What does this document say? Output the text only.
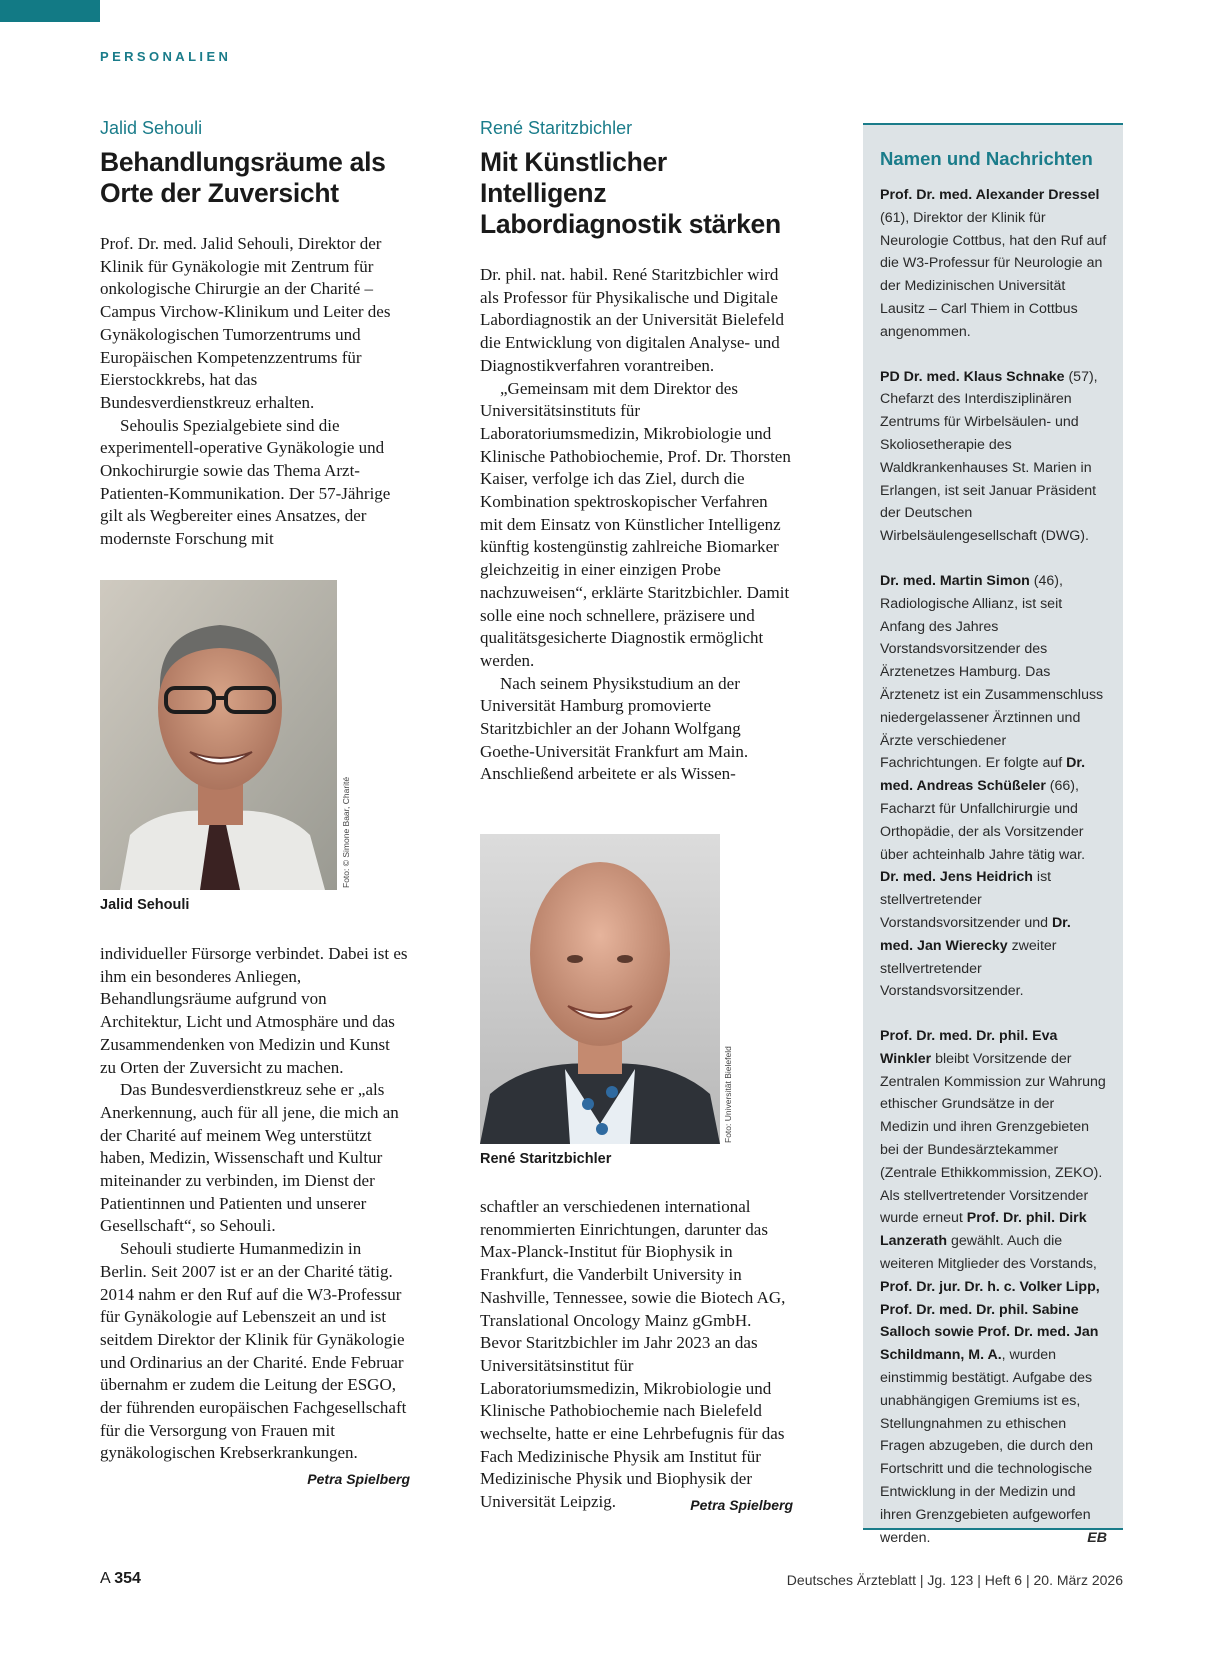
PERSONALIEN
Jalid Sehouli
Behandlungsräume als
Orte der Zuversicht

Prof. Dr. med. Jalid Sehouli, Direktor der Klinik für Gynäkologie mit Zentrum für onkologische Chirurgie an der Charité – Campus Virchow-Klinikum und Leiter des Gynäkologischen Tumorzentrums und Europäischen Kompetenzzentrums für Eierstockkrebs, hat das Bundesverdienstkreuz erhalten.

Sehoulis Spezialgebiete sind die experimentell-operative Gynäkologie und Onkochirurgie sowie das Thema Arzt-Patienten-Kommunikation. Der 57-Jährige gilt als Wegbereiter eines Ansatzes, der modernste Forschung mit

Foto: © Simone Baar, Charité
Jalid Sehouli

individueller Fürsorge verbindet. Dabei ist es ihm ein besonderes Anliegen, Behandlungsräume aufgrund von Architektur, Licht und Atmosphäre und das Zusammendenken von Medizin und Kunst zu Orten der Zuversicht zu machen.

Das Bundesverdienstkreuz sehe er „als Anerkennung, auch für all jene, die mich an der Charité auf meinem Weg unterstützt haben, Medizin, Wissenschaft und Kultur miteinander zu verbinden, im Dienst der Patientinnen und Patienten und unserer Gesellschaft“, so Sehouli.

Sehouli studierte Humanmedizin in Berlin. Seit 2007 ist er an der Charité tätig. 2014 nahm er den Ruf auf die W3-Professur für Gynäkologie auf Lebenszeit an und ist seitdem Direktor der Klinik für Gynäkologie und Ordinarius an der Charité. Ende Februar übernahm er zudem die Leitung der ESGO, der führenden europäischen Fachgesellschaft für die Versorgung von Frauen mit gynäkologischen Krebserkrankungen.
Petra Spielberg

René Staritzbichler
Mit Künstlicher Intelligenz
Labordiagnostik stärken

Dr. phil. nat. habil. René Staritzbichler wird als Professor für Physikalische und Digitale Labordiagnostik an der Universität Bielefeld die Entwicklung von digitalen Analyse- und Diagnostikverfahren vorantreiben.

„Gemeinsam mit dem Direktor des Universitätsinstituts für Laboratoriumsmedizin, Mikrobiologie und Klinische Pathobiochemie, Prof. Dr. Thorsten Kaiser, verfolge ich das Ziel, durch die Kombination spektroskopischer Verfahren mit dem Einsatz von Künstlicher Intelligenz künftig kostengünstig zahlreiche Biomarker gleichzeitig in einer einzigen Probe nachzuweisen“, erklärte Staritzbichler. Damit solle eine noch schnellere, präzisere und qualitätsgesicherte Diagnostik ermöglicht werden.

Nach seinem Physikstudium an der Universität Hamburg promovierte Staritzbichler an der Johann Wolfgang Goethe-Universität Frankfurt am Main. Anschließend arbeitete er als Wissen-

Foto: Universität Bielefeld
René Staritzbichler

schaftler an verschiedenen international renommierten Einrichtungen, darunter das Max-Planck-Institut für Biophysik in Frankfurt, die Vanderbilt University in Nashville, Tennessee, sowie die Biotech AG, Translational Oncology Mainz gGmbH. Bevor Staritzbichler im Jahr 2023 an das Universitätsinstitut für Laboratoriumsmedizin, Mikrobiologie und Klinische Pathobiochemie nach Bielefeld wechselte, hatte er eine Lehrbefugnis für das Fach Medizinische Physik am Institut für Medizinische Physik und Biophysik der Universität Leipzig.	Petra Spielberg

Namen und Nachrichten

Prof. Dr. med. Alexander Dressel (61), Direktor der Klinik für Neurologie Cottbus, hat den Ruf auf die W3-Professur für Neurologie an der Medizinischen Universität Lausitz – Carl Thiem in Cottbus angenommen.

PD Dr. med. Klaus Schnake (57), Chefarzt des Interdisziplinären Zentrums für Wirbelsäulen- und Skoliosetherapie des Waldkrankenhauses St. Marien in Erlangen, ist seit Januar Präsident der Deutschen Wirbelsäulengesellschaft (DWG).

Dr. med. Martin Simon (46), Radiologische Allianz, ist seit Anfang des Jahres Vorstandsvorsitzender des Ärztenetzes Hamburg. Das Ärztenetz ist ein Zusammenschluss niedergelassener Ärztinnen und Ärzte verschiedener Fachrichtungen. Er folgte auf Dr. med. Andreas Schüßeler (66), Facharzt für Unfallchirurgie und Orthopädie, der als Vorsitzender über achteinhalb Jahre tätig war. Dr. med. Jens Heidrich ist stellvertretender Vorstandsvorsitzender und Dr. med. Jan Wierecky zweiter stellvertretender Vorstandsvorsitzender.

Prof. Dr. med. Dr. phil. Eva Winkler bleibt Vorsitzende der Zentralen Kommission zur Wahrung ethischer Grundsätze in der Medizin und ihren Grenzgebieten bei der Bundesärztekammer (Zentrale Ethikkommission, ZEKO). Als stellvertretender Vorsitzender wurde erneut Prof. Dr. phil. Dirk Lanzerath gewählt. Auch die weiteren Mitglieder des Vorstands, Prof. Dr. jur. Dr. h. c. Volker Lipp, Prof. Dr. med. Dr. phil. Sabine Salloch sowie Prof. Dr. med. Jan Schildmann, M. A., wurden einstimmig bestätigt. Aufgabe des unabhängigen Gremiums ist es, Stellungnahmen zu ethischen Fragen abzugeben, die durch den Fortschritt und die technologische Entwicklung in der Medizin und ihren Grenzgebieten aufgeworfen werden.	EB

A 354	Deutsches Ärzteblatt | Jg. 123 | Heft 6 | 20. März 2026
